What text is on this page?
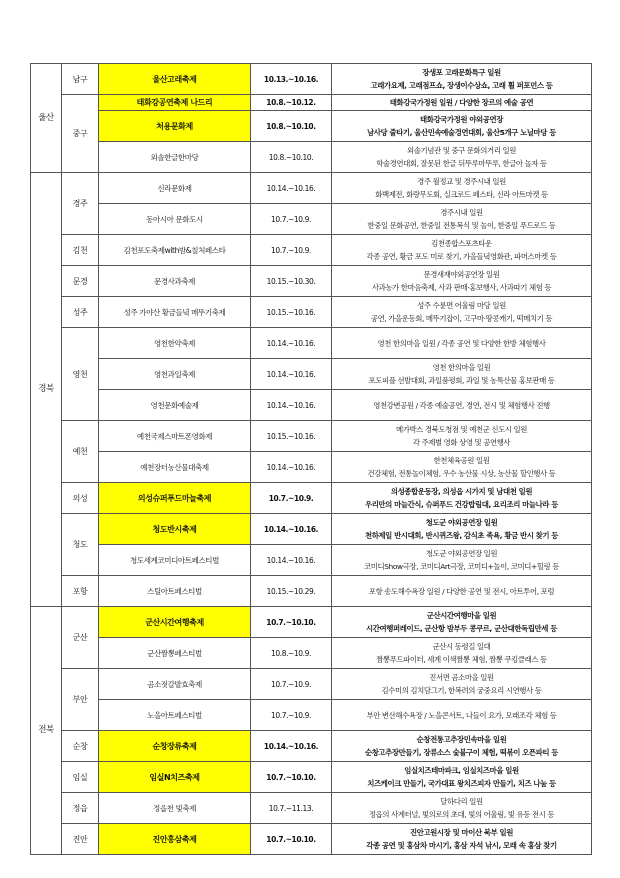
울산	남구	울산고래축제	10.13.~10.16.	장생포 고래문화특구 일원
고래가요제, 고래점프쇼, 장생이수상쇼, 고래 휠 퍼포먼스 등

	중구	태화강공연축제 나드리	10.8.~10.12.	태화강국가정원 일원 / 다양한 장르의 예술 공연

		처용문화제	10.8.~10.10.	태화강국가정원 야외공연장
남사당 줄타기, 울산민속예술경연대회, 울산5개구 노닐마당 등

		외솔한글한마당	10.8.~10.10.	외솔기념관 및 중구 문화의거리 일원
학술경연대회, 잘못된 한글 뒤뚜루마뚜루, 한글아 놀자 등

경북	경주	신라문화제	10.14.~10.16.	경주 월정교 및 경주시내 일원
화백제전, 화랑무도회, 실크로드 페스타, 신라 아트마켓 등

		동아시아 문화도시	10.7.~10.9.	경주시내 일원
한중일 문화공연, 한중일 전통복식 및 놀이, 한중일 푸드로드 등

	김천	김천포도축제with밤&칠처페스타	10.7.~10.9.	김천종합스포츠타운
각종 공연, 황금 포도 미로 찾기, 가을들녘영화관, 파머스마켓 등

	문경	문경사과축제	10.15.~10.30.	문경새재야외공연장 일원
사과농가 한마음축제, 사과 판매·홍보행사, 사과따기 체험 등

	성주	성주 가야산 황금들녘 메뚜기축제	10.15.~10.16.	성주 수륜면 어울림 마당 일원
공연, 가을운동회, 메뚜기잡이, 고구마·땅콩캐기, 떡메치기 등

	영천	영천한약축제	10.14.~10.16.	영천 한의마을 일원 / 각종 공연 및 다양한 한방 체험행사

		영천과일축제	10.14.~10.16.	영천 한의마을 일원
포도피플 선발대회, 과일품평회, 과일 및 농특산물 홍보판매 등

		영천문화예술제	10.14.~10.16.	영천강변공원 / 각종 예술공연, 경연, 전시 및 체험행사 진행

	예천	예천국제스마트폰영화제	10.15.~10.16.	메가박스 경북도청점 및 예천군 신도시 일원
각 주제별 영화 상영 및 공연행사

		예천장터농산물대축제	10.14.~10.16.	한천체육공원 일원
건강체험, 전통놀이체험, 우수 농산물 시상, 농산물 할인행사 등

	의성	의성슈퍼푸드마늘축제	10.7.~10.9.	의성종합운동장, 의성읍 시가지 및 남대천 일원
우리만의 마늘간식, 슈퍼푸드 건강밥림대, 요리조리 마늘나라 등

	청도	청도반시축제	10.14.~10.16.	청도군 야외공연장 일원
천하제일 반시대회, 반시퀴즈왕, 감식초 족욕, 황금 반시 찾기 등

		청도세계코미디아트페스티벌	10.14.~10.16.	청도군 야외공연장 일원
코미디Show극장, 코미디Art극장, 코미디+놀이, 코미디+힐링 등

	포항	스틸아트페스티벌	10.15.~10.29.	포항 송도해수욕장 일원 / 다양한 공연 및 전시, 아트투어, 포럼

전북	군산	군산시간여행축제	10.7.~10.10.	군산시간여행마을 일원
시간여행퍼레이드, 군산항 밤부두 콩쿠르, 군산대한독립만세 등

		군산짬뽕페스티벌	10.8.~10.9.	군산시 동령길 일대
짬뽕푸드파이터, 세계 이색짬뽕 체험, 짬뽕 쿠킹클래스 등

	부안	곰소젓갈발효축제	10.7.~10.9.	진서면 곰소마을 일원
김수미의 김치담그기, 한복려의 궁중요리 시연행사 등

		노을아트페스티벌	10.7.~10.9.	부안 변산해수욕장 / 노을콘서트, 나들이 요가, 모래조각 체험 등

	순창	순창장류축제	10.14.~10.16.	순창전통고추장민속마을 일원
순창고추장만들기, 장류소스 숯불구이 체험, 떡볶이 오픈파티 등

	임실	임실N치즈축제	10.7.~10.10.	임실치즈테마파크, 임실치즈마을 일원
치즈케이크 만들기, 국가대표 왕치즈피자 만들기, 치즈 나눔 등

	정읍	정읍천 빛축제	10.7.~11.13.	달하다리 일원
정읍의 사계터널, 빛의로의 초대, 빛의 어울림, 빛 유등 전시 등

	진안	진안홍삼축제	10.7.~10.10.	진안고원시장 및 마이산 북부 일원
각종 공연 및 홍삼차 마시기, 홍삼 자석 낚시, 모래 속 홍삼 찾기
